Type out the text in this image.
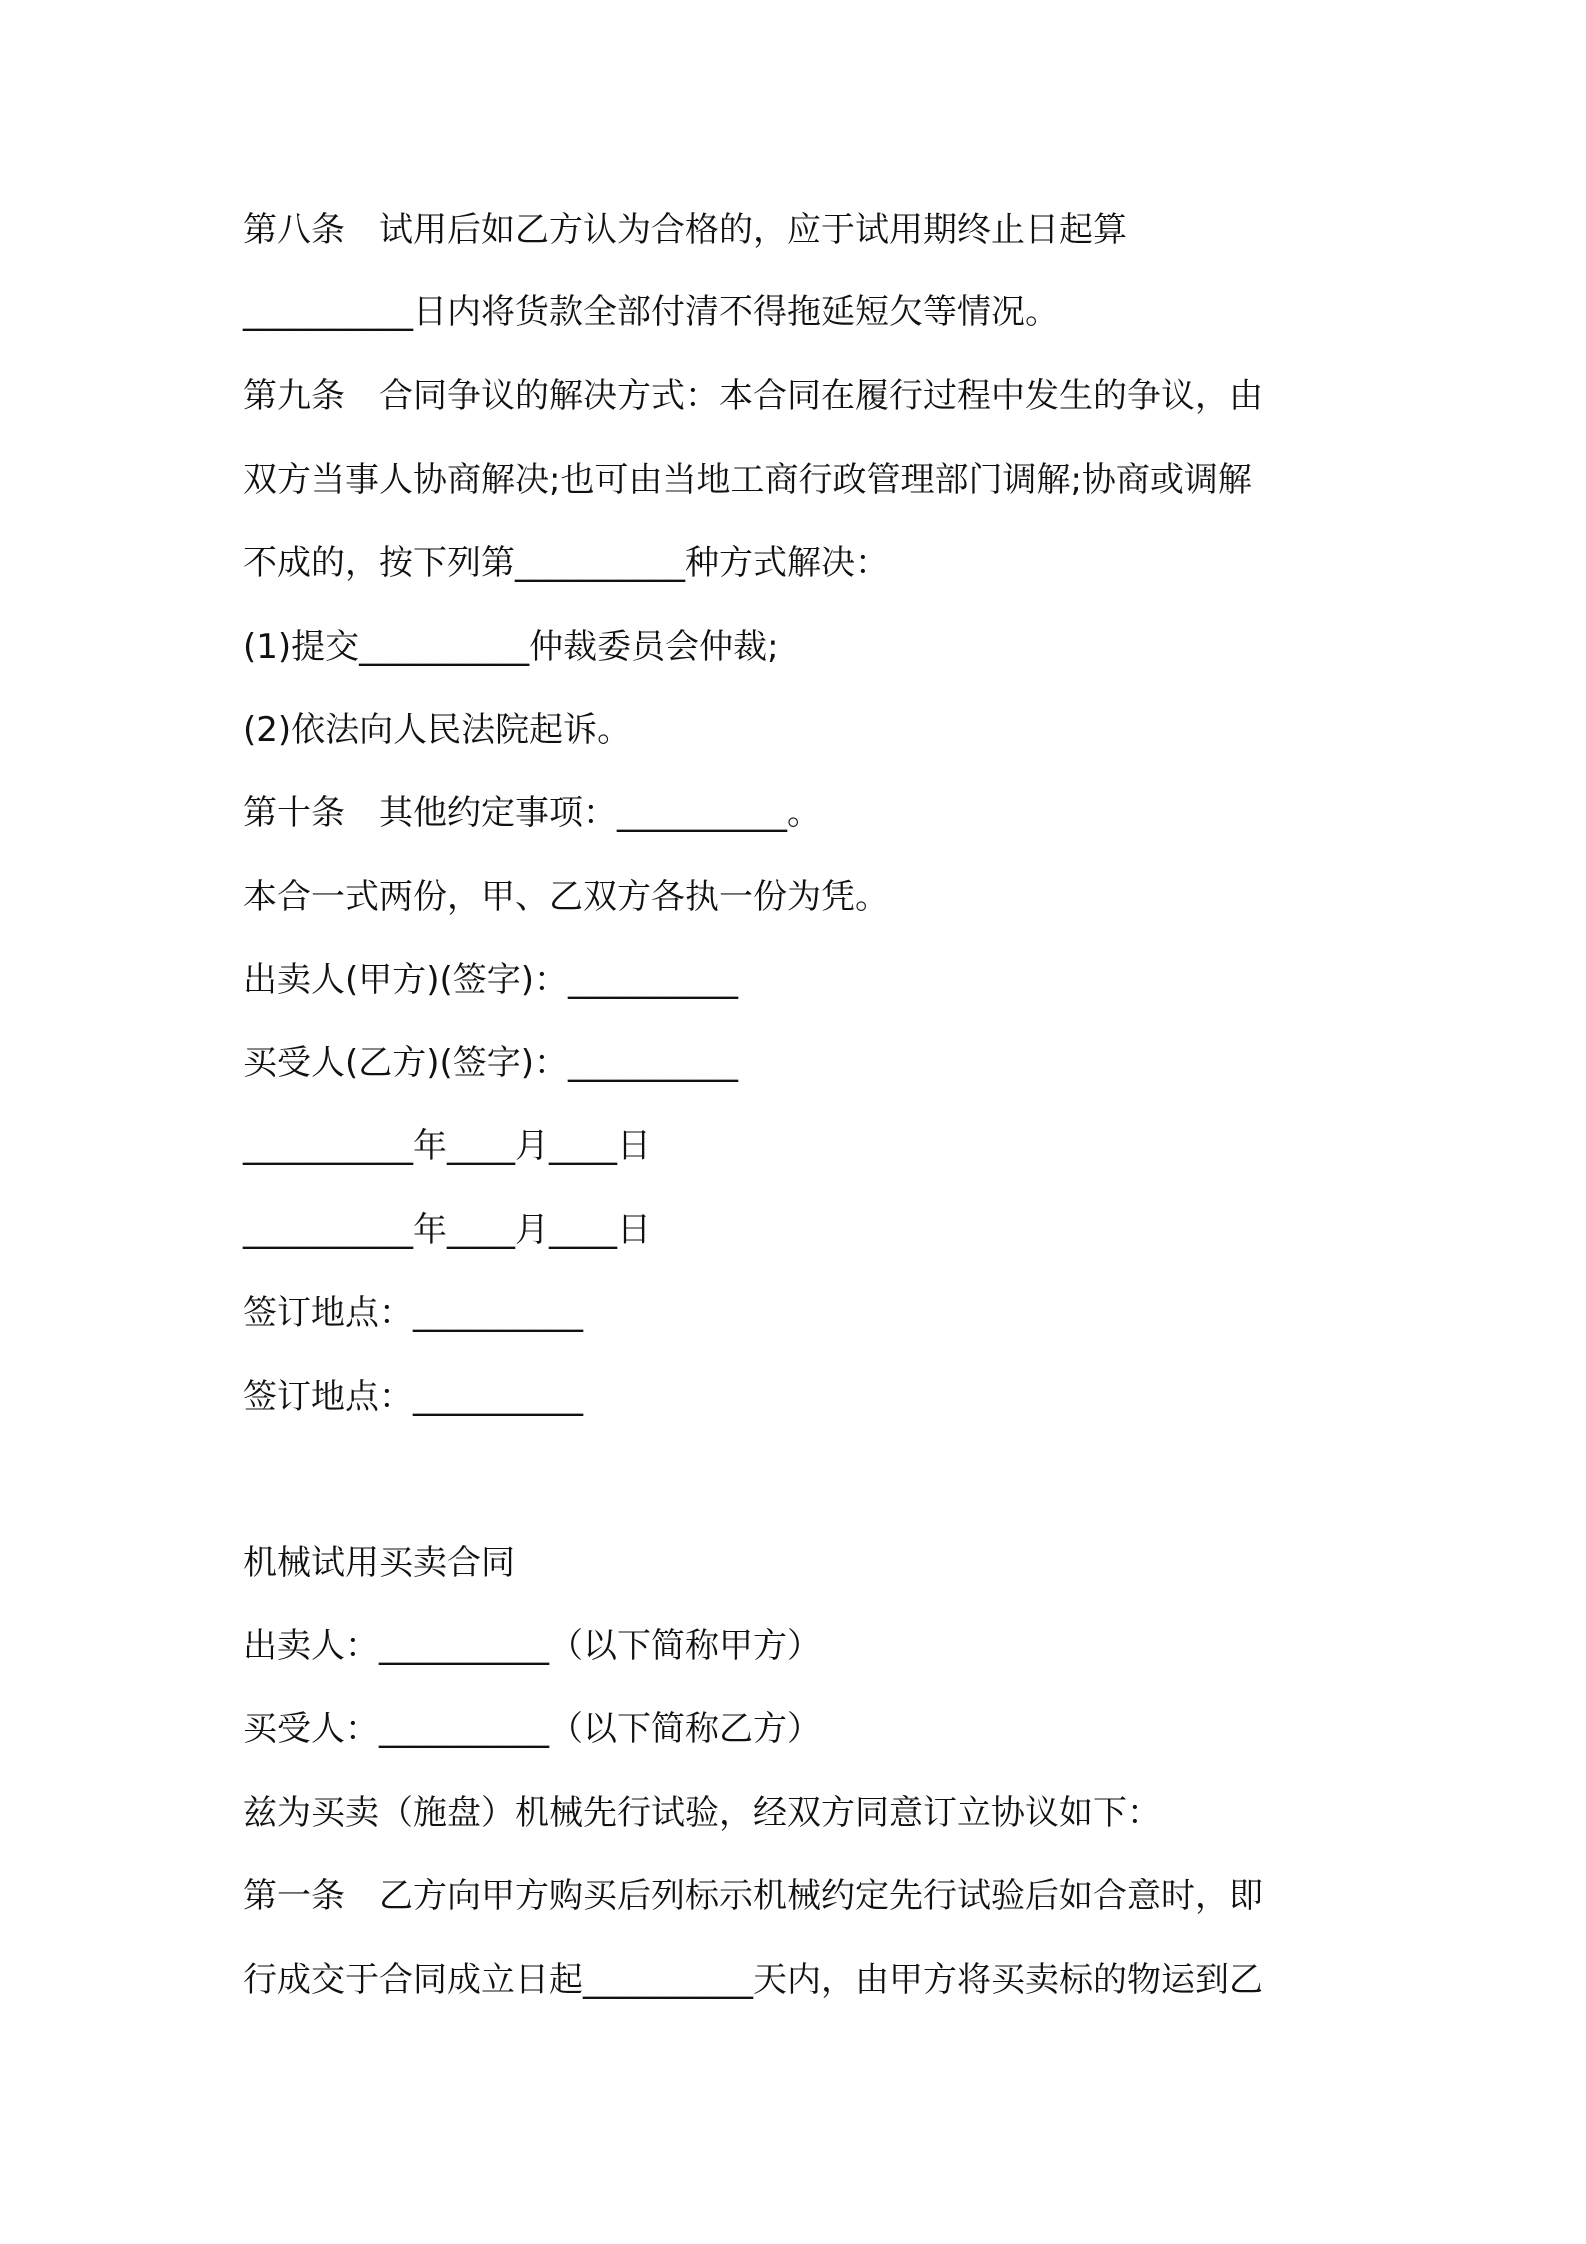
第八条　试用后如乙方认为合格的，应于试用期终止日起算
__________日内将货款全部付清不得拖延短欠等情况。
第九条　合同争议的解决方式：本合同在履行过程中发生的争议，由
双方当事人协商解决;也可由当地工商行政管理部门调解;协商或调解
不成的，按下列第__________种方式解决：
(1)提交__________仲裁委员会仲裁;
(2)依法向人民法院起诉。
第十条　其他约定事项：__________。
本合一式两份，甲、乙双方各执一份为凭。
出卖人(甲方)(签字)：__________
买受人(乙方)(签字)：__________
__________年____月____日
__________年____月____日
签订地点：__________
签订地点：__________
机械试用买卖合同
出卖人：__________（以下简称甲方）
买受人：__________（以下简称乙方）
兹为买卖（施盘）机械先行试验，经双方同意订立协议如下：
第一条　乙方向甲方购买后列标示机械约定先行试验后如合意时，即
行成交于合同成立日起__________天内，由甲方将买卖标的物运到乙
